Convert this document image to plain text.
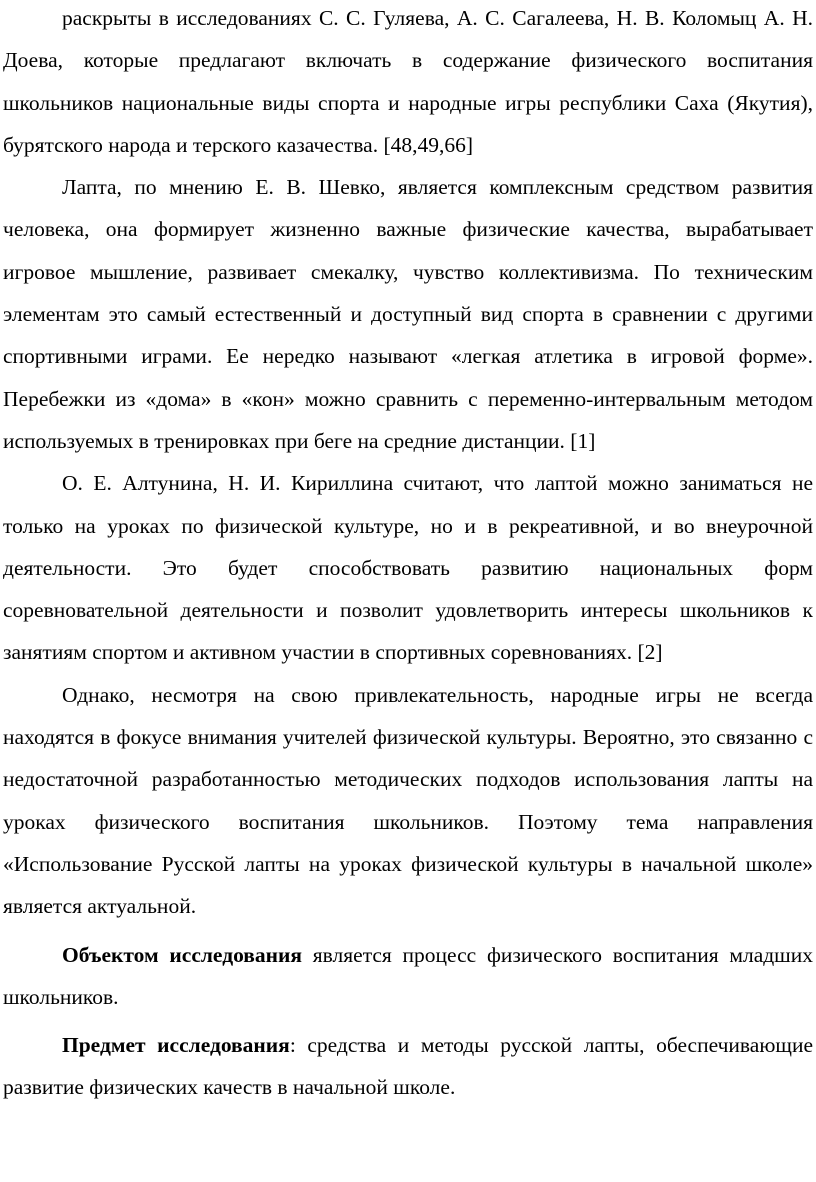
раскрыты в исследованиях С. С. Гуляева, А. С. Сагалеева, Н. В. Коломыц А. Н. Доева, которые предлагают включать в содержание физического воспитания школьников национальные виды спорта и народные игры республики Саха (Якутия), бурятского народа и терского казачества. [48,49,66]

Лапта, по мнению Е. В. Шевко, является комплексным средством развития человека, она формирует жизненно важные физические качества, вырабатывает игровое мышление, развивает смекалку, чувство коллективизма. По техническим элементам это самый естественный и доступный вид спорта в сравнении с другими спортивными играми. Ее нередко называют «легкая атлетика в игровой форме». Перебежки из «дома» в «кон» можно сравнить с переменно-интервальным методом используемых в тренировках при беге на средние дистанции. [1]

О. Е. Алтунина, Н. И. Кириллина считают, что лаптой можно заниматься не только на уроках по физической культуре, но и в рекреативной, и во внеурочной деятельности. Это будет способствовать развитию национальных форм соревновательной деятельности и позволит удовлетворить интересы школьников к занятиям спортом и активном участии в спортивных соревнованиях. [2]

Однако, несмотря на свою привлекательность, народные игры не всегда находятся в фокусе внимания учителей физической культуры. Вероятно, это связанно с недостаточной разработанностью методических подходов использования лапты на уроках физического воспитания школьников. Поэтому тема направления «Использование Русской лапты на уроках физической культуры в начальной школе» является актуальной.

Объектом исследования является процесс физического воспитания младших школьников.

Предмет исследования: средства и методы русской лапты, обеспечивающие развитие физических качеств в начальной школе.
